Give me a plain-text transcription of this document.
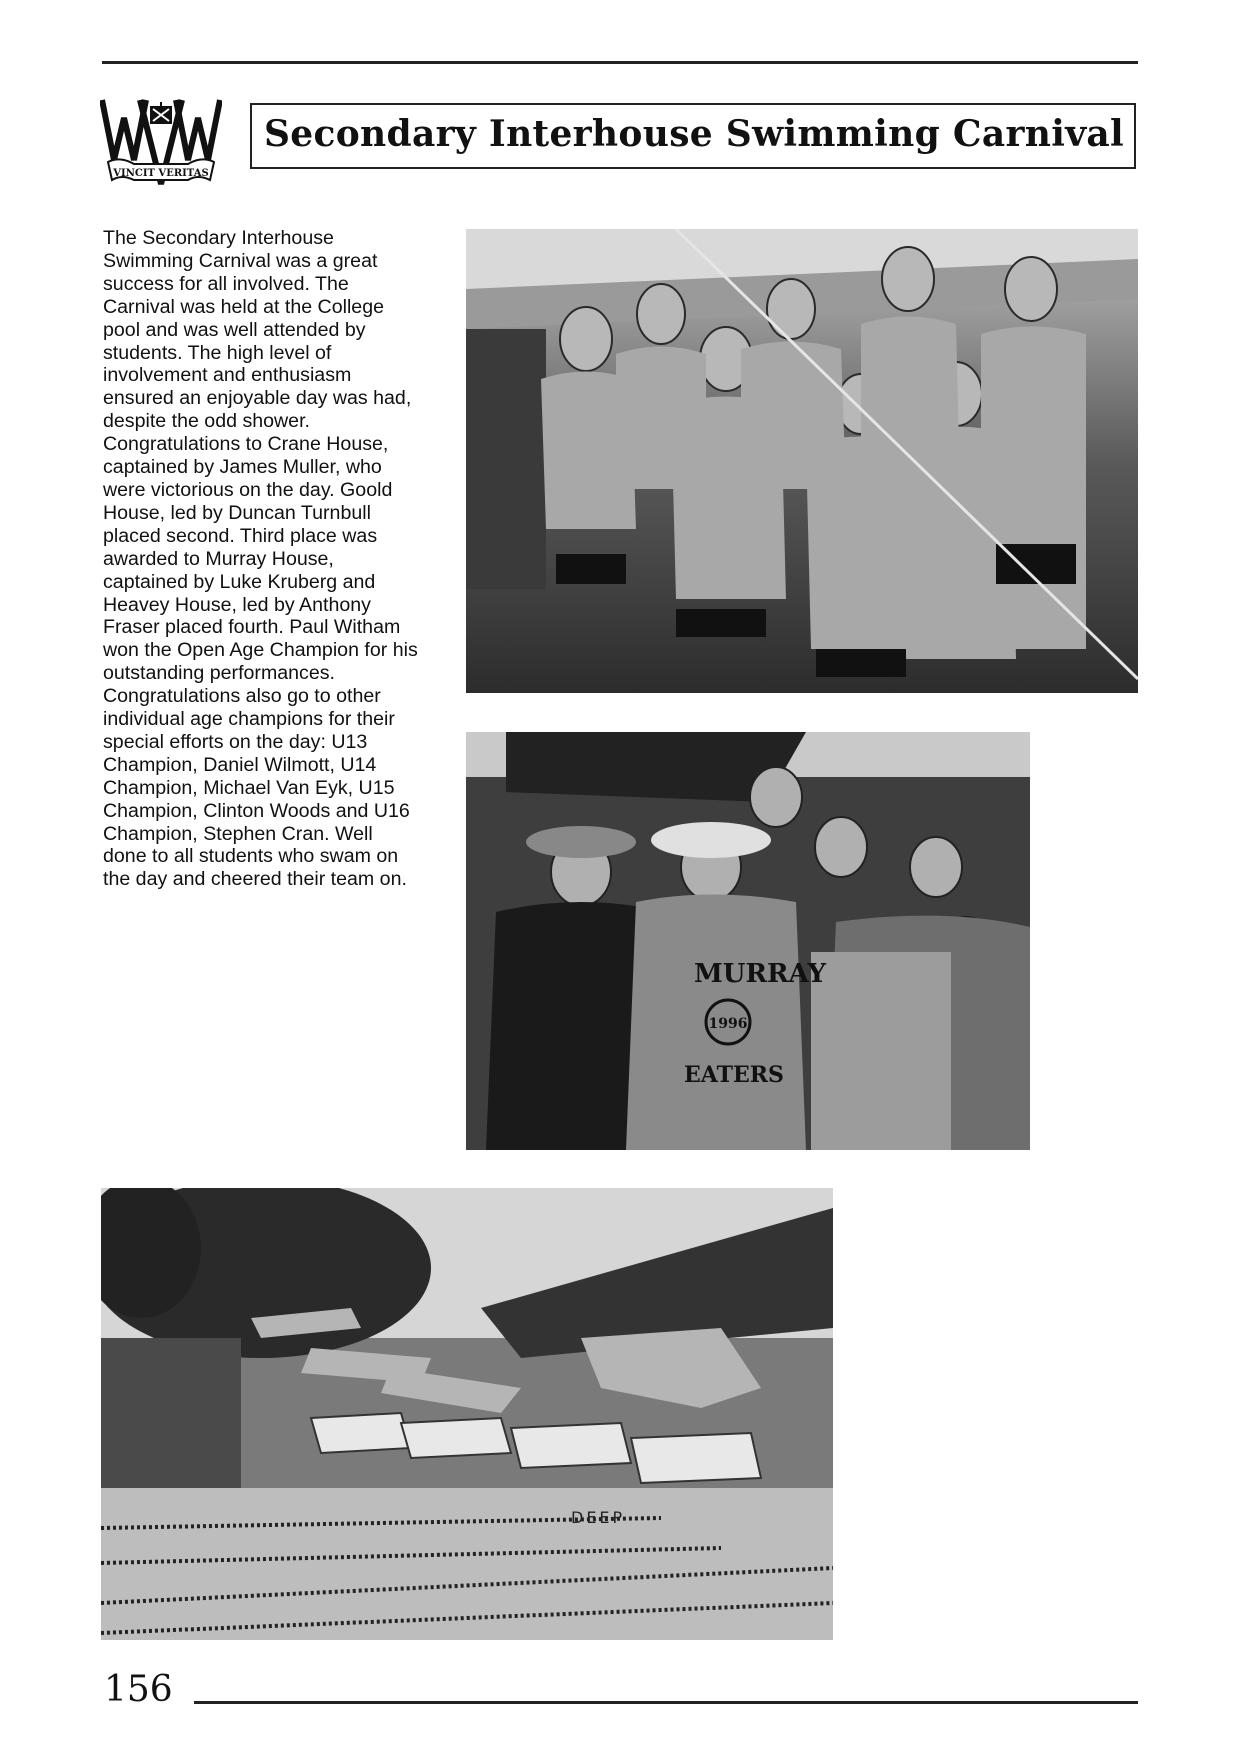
VINCIT VERITAS
Secondary Interhouse Swimming Carnival

The Secondary Interhouse Swimming Carnival was a great success for all involved. The Carnival was held at the College pool and was well attended by students. The high level of involvement and enthusiasm ensured an enjoyable day was had, despite the odd shower. Congratulations to Crane House, captained by James Muller, who were victorious on the day. Goold House, led by Duncan Turnbull placed second. Third place was awarded to Murray House, captained by Luke Kruberg and Heavey House, led by Anthony Fraser placed fourth. Paul Witham won the Open Age Champion for his outstanding performances. Congratulations also go to other individual age champions for their special efforts on the day: U13 Champion, Daniel Wilmott, U14 Champion, Michael Van Eyk, U15 Champion, Clinton Woods and U16 Champion, Stephen Cran. Well done to all students who swam on the day and cheered their team on.

MURRAY
1996
EATERS
DEEP
156
